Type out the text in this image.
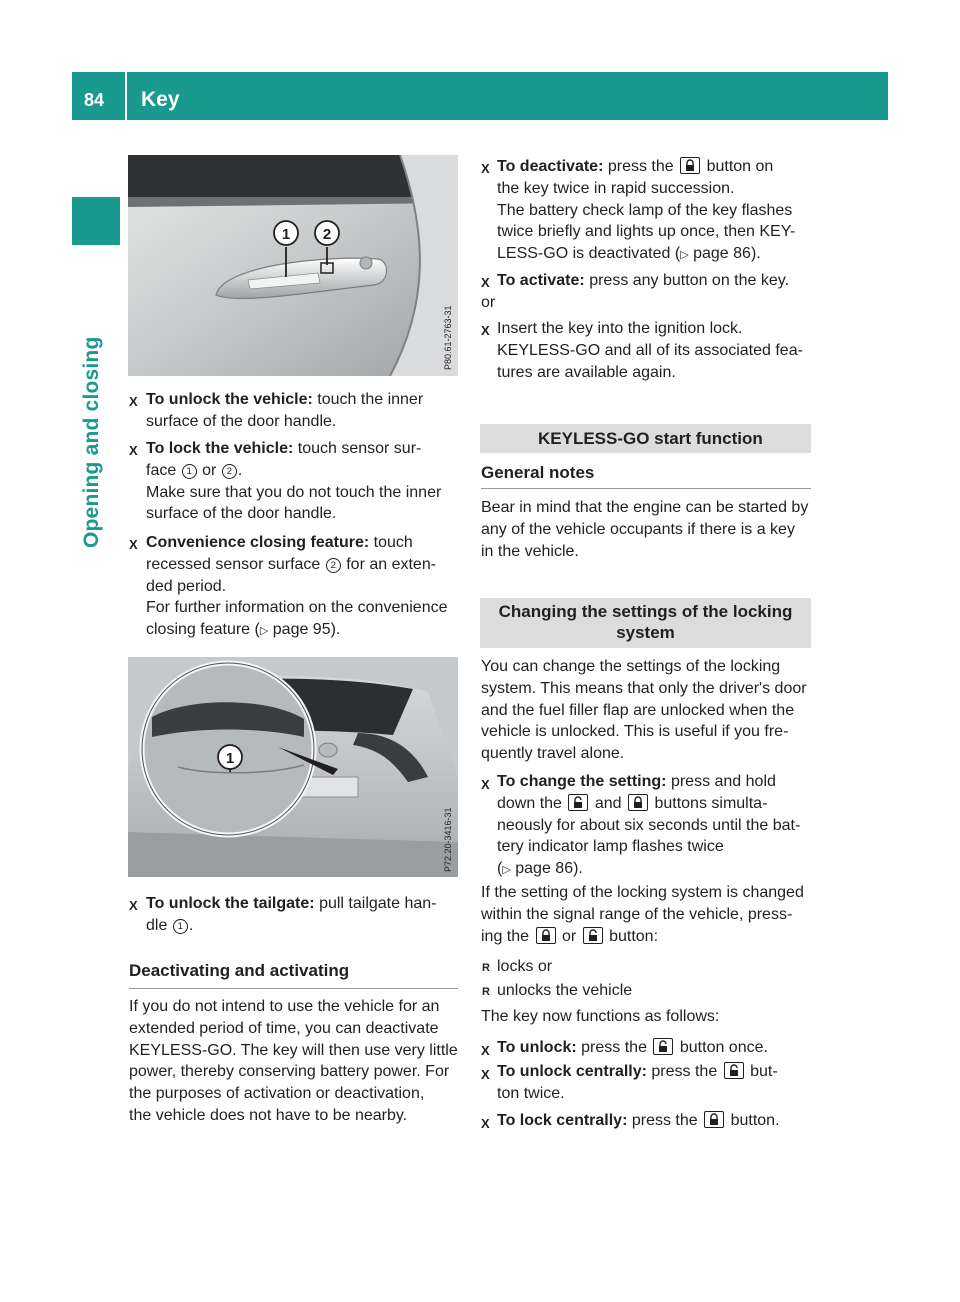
84 Key
Opening and closing
1 2
P80.61-2763-31
X To unlock the vehicle: touch the inner
surface of the door handle.

X To lock the vehicle: touch sensor sur-
face 1 or 2 .
Make sure that you do not touch the inner
surface of the door handle.

X Convenience closing feature: touch
recessed sensor surface 2 for an exten-
ded period.
For further information on the convenience
closing feature (▷ page 95).

1
P72.20-3416-31
X To unlock the tailgate: pull tailgate han-
dle 1 .

Deactivating and activating

If you do not intend to use the vehicle for an
extended period of time, you can deactivate
KEYLESS-GO. The key will then use very little
power, thereby conserving battery power. For
the purposes of activation or deactivation,
the vehicle does not have to be nearby.

X To deactivate: press the button on
the key twice in rapid succession.
The battery check lamp of the key flashes
twice briefly and lights up once, then KEY-
LESS-GO is deactivated (▷ page 86).

X To activate: press any button on the key.

or

X Insert the key into the ignition lock.
KEYLESS-GO and all of its associated fea-
tures are available again.

KEYLESS-GO start function
General notes

Bear in mind that the engine can be started by
any of the vehicle occupants if there is a key
in the vehicle.

Changing the settings of the locking
system

You can change the settings of the locking
system. This means that only the driver's door
and the fuel filler flap are unlocked when the
vehicle is unlocked. This is useful if you fre-
quently travel alone.

X To change the setting: press and hold
down the and buttons simulta-
neously for about six seconds until the bat-
tery indicator lamp flashes twice
(▷ page 86).

If the setting of the locking system is changed
within the signal range of the vehicle, press-
ing the or button:

R locks or

R unlocks the vehicle

The key now functions as follows:

X To unlock: press the button once.

X To unlock centrally: press the but-
ton twice.

X To lock centrally: press the button.
